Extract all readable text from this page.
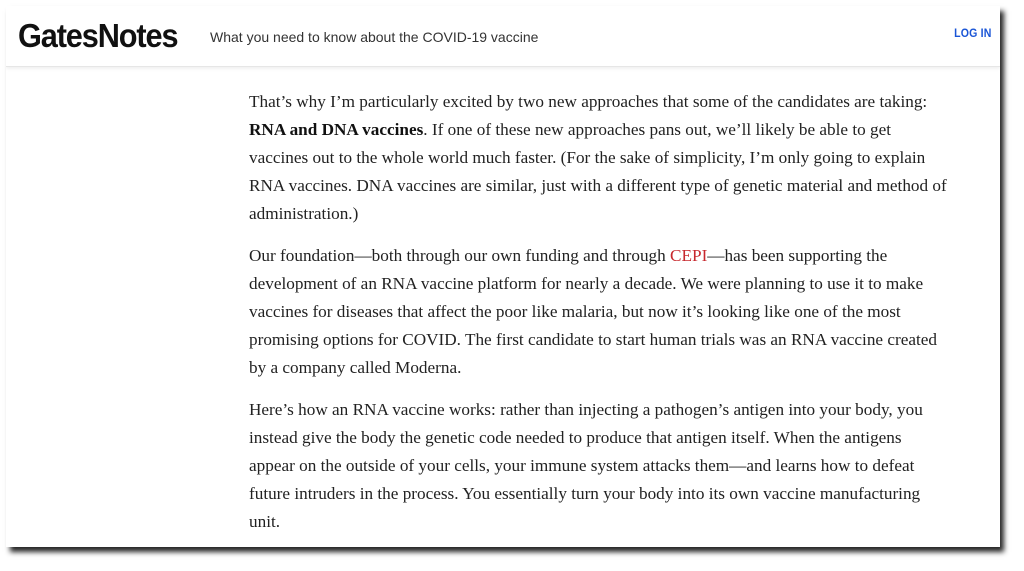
GatesNotes What you need to know about the COVID-19 vaccine	LOG IN

That’s why I’m particularly excited by two new approaches that some of the candidates are taking: RNA and DNA vaccines. If one of these new approaches pans out, we’ll likely be able to get vaccines out to the whole world much faster. (For the sake of simplicity, I’m only going to explain RNA vaccines. DNA vaccines are similar, just with a different type of genetic material and method of administration.)

Our foundation—both through our own funding and through CEPI—has been supporting the development of an RNA vaccine platform for nearly a decade. We were planning to use it to make vaccines for diseases that affect the poor like malaria, but now it’s looking like one of the most promising options for COVID. The first candidate to start human trials was an RNA vaccine created by a company called Moderna.

Here’s how an RNA vaccine works: rather than injecting a pathogen’s antigen into your body, you instead give the body the genetic code needed to produce that antigen itself. When the antigens appear on the outside of your cells, your immune system attacks them—and learns how to defeat future intruders in the process. You essentially turn your body into its own vaccine manufacturing unit.
